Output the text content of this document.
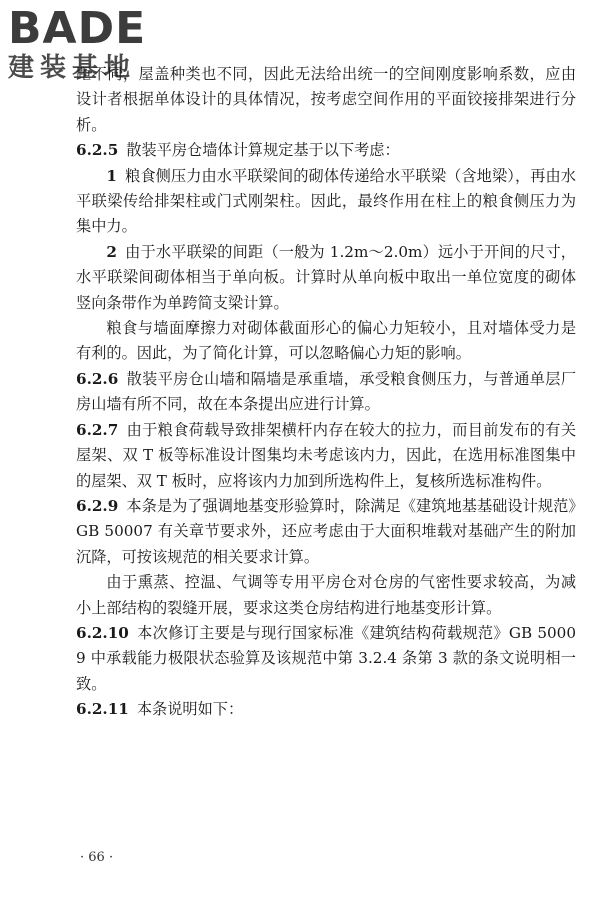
BADE
建装基地

距不同，屋盖种类也不同，因此无法给出统一的空间刚度影响系数，应由设计者根据单体设计的具体情况，按考虑空间作用的平面铰接排架进行分析。

6.2.5 散装平房仓墙体计算规定基于以下考虑：

1 粮食侧压力由水平联梁间的砌体传递给水平联梁（含地梁），再由水平联梁传给排架柱或门式刚架柱。因此，最终作用在柱上的粮食侧压力为集中力。

2 由于水平联梁的间距（一般为 1.2m～2.0m）远小于开间的尺寸，水平联梁间砌体相当于单向板。计算时从单向板中取出一单位宽度的砌体竖向条带作为单跨简支梁计算。

粮食与墙面摩擦力对砌体截面形心的偏心力矩较小，且对墙体受力是有利的。因此，为了简化计算，可以忽略偏心力矩的影响。

6.2.6 散装平房仓山墙和隔墙是承重墙，承受粮食侧压力，与普通单层厂房山墙有所不同，故在本条提出应进行计算。

6.2.7 由于粮食荷载导致排架横杆内存在较大的拉力，而目前发布的有关屋架、双 T 板等标准设计图集均未考虑该内力，因此，在选用标准图集中的屋架、双 T 板时，应将该内力加到所选构件上，复核所选标准构件。

6.2.9 本条是为了强调地基变形验算时，除满足《建筑地基基础设计规范》GB 50007 有关章节要求外，还应考虑由于大面积堆载对基础产生的附加沉降，可按该规范的相关要求计算。

由于熏蒸、控温、气调等专用平房仓对仓房的气密性要求较高，为减小上部结构的裂缝开展，要求这类仓房结构进行地基变形计算。

6.2.10 本次修订主要是与现行国家标准《建筑结构荷载规范》GB 50009 中承载能力极限状态验算及该规范中第 3.2.4 条第 3 款的条文说明相一致。

6.2.11 本条说明如下：

· 66 ·
